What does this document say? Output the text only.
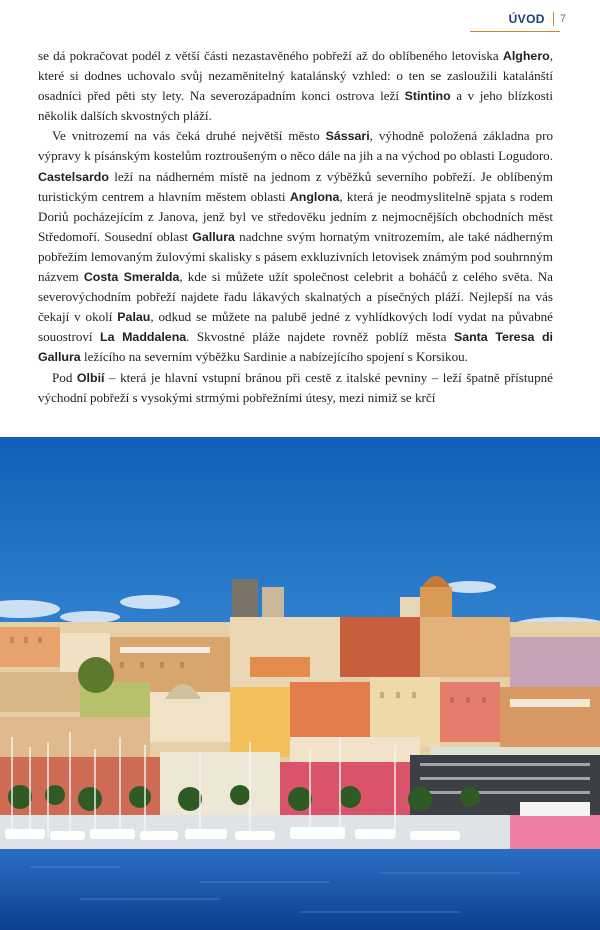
ÚVOD 7

se dá pokračovat podél z větší části nezastavěného pobřeží až do oblíbeného letoviska Alghero, které si dodnes uchovalo svůj nezaměnitelný katalánský vzhled: o ten se zasloužili katalánští osadníci před pěti sty lety. Na severozápadním konci ostrova leží Stintino a v jeho blízkosti několik dalších skvostných pláží.

Ve vnitrozemí na vás čeká druhé největší město Sássari, výhodně položená základna pro výpravy k písánským kostelům roztroušeným o něco dále na jih a na východ po oblasti Logudoro. Castelsardo leží na nádherném místě na jednom z výběžků severního pobřeží. Je oblíbeným turistickým centrem a hlavním městem oblasti Anglona, která je neodmyslitelně spjata s rodem Doriů pocházejícím z Janova, jenž byl ve středověku jedním z nejmocnějších obchodních měst Středomoří. Sousední oblast Gallura nadchne svým hornatým vnitrozemím, ale také nádherným pobřežím lemovaným žulovými skalisky s pásem exkluzivních letovisek známým pod souhrnným názvem Costa Smeralda, kde si můžete užít společnost celebrit a boháčů z celého světa. Na severovýchodním pobřeží najdete řadu lákavých skalnatých a písečných pláží. Nejlepší na vás čekají v okolí Palau, odkud se můžete na palubě jedné z vyhlídkových lodí vydat na půvabné souostroví La Maddalena. Skvostné pláže najdete rovněž poblíž města Santa Teresa di Gallura ležícího na severním výběžku Sardinie a nabízejícího spojení s Korsikou.

Pod Olbií – která je hlavní vstupní bránou při cestě z italské pevniny – leží špatně přístupné východní pobřeží s vysokými strmými pobřežními útesy, mezi nimiž se krčí
